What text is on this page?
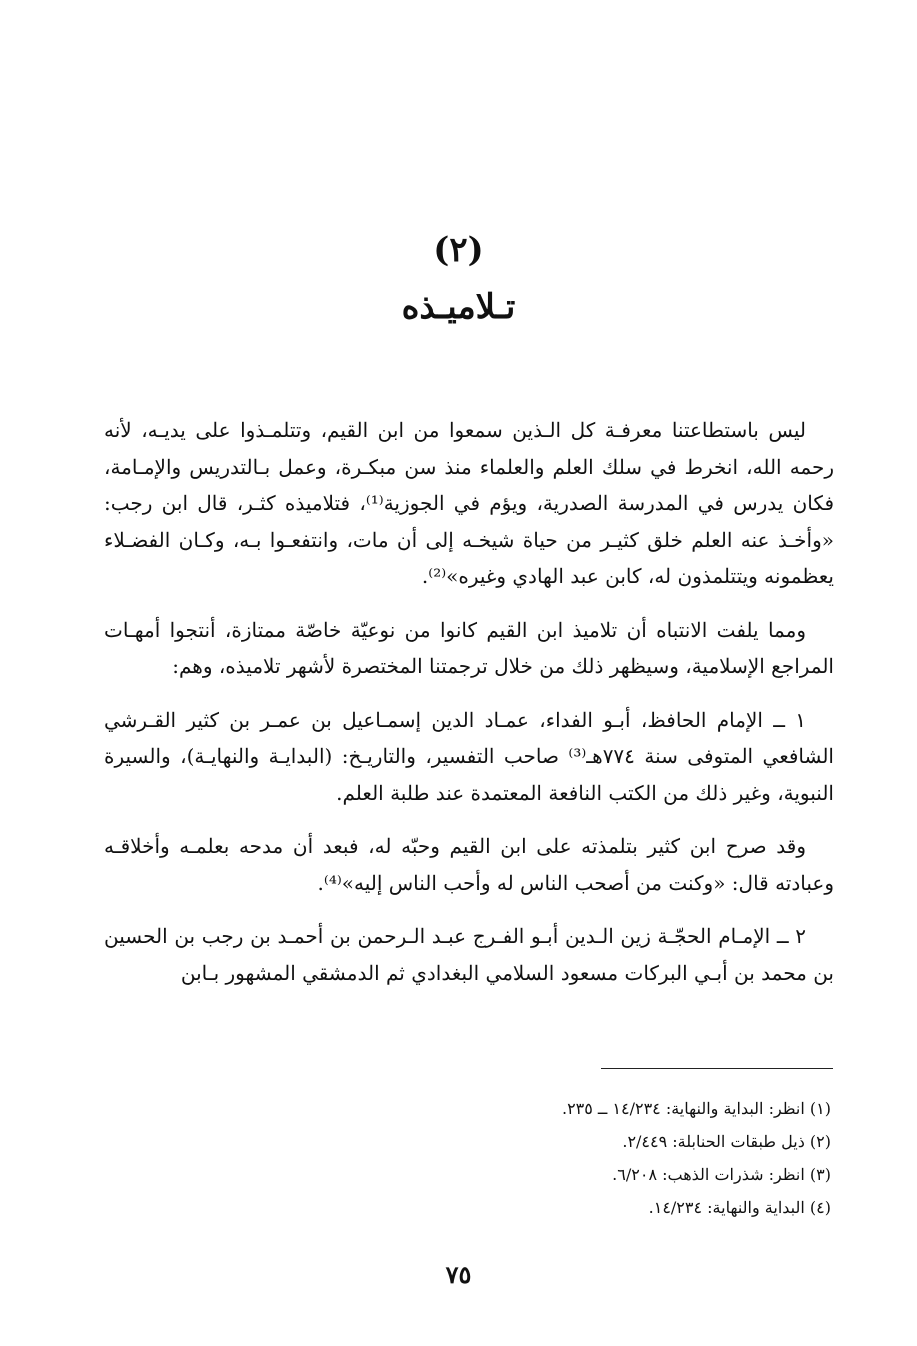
(٢)
تـلاميـذه

ليس باستطاعتنا معرفـة كل الـذين سمعوا من ابن القيم، وتتلمـذوا على يديـه، لأنه رحمه الله، انخرط في سلك العلم والعلماء منذ سن مبكـرة، وعمل بـالتدريس والإمـامة، فكان يدرس في المدرسة الصدرية، ويؤم في الجوزية⁽¹⁾، فتلاميذه كثـر، قال ابن رجب: «وأخـذ عنه العلم خلق كثيـر من حياة شيخـه إلى أن مات، وانتفعـوا بـه، وكـان الفضـلاء يعظمونه ويتتلمذون له، كابن عبد الهادي وغيره»⁽²⁾.

ومما يلفت الانتباه أن تلاميذ ابن القيم كانوا من نوعيّة خاصّة ممتازة، أنتجوا أمهـات المراجع الإسلامية، وسيظهر ذلك من خلال ترجمتنا المختصرة لأشهر تلاميذه، وهم:

١ ــ الإمام الحافظ، أبـو الفداء، عمـاد الدين إسمـاعيل بن عمـر بن كثير القـرشي الشافعي المتوفى سنة ٧٧٤هـ⁽³⁾ صاحب التفسير، والتاريـخ: (البدايـة والنهايـة)، والسيرة النبوية، وغير ذلك من الكتب النافعة المعتمدة عند طلبة العلم.

وقد صرح ابن كثير بتلمذته على ابن القيم وحبّه له، فبعد أن مدحه بعلمـه وأخلاقـه وعبادته قال: «وكنت من أصحب الناس له وأحب الناس إليه»⁽⁴⁾.

٢ ــ الإمـام الحجّـة زين الـدين أبـو الفـرج عبـد الـرحمن بن أحمـد بن رجب بن الحسين بن محمد بن أبـي البركات مسعود السلامي البغدادي ثم الدمشقي المشهور بـابن

(١) انظر: البداية والنهاية: ١٤/٢٣٤ ــ ٢٣٥.
(٢) ذيل طبقات الحنابلة: ٢/٤٤٩.
(٣) انظر: شذرات الذهب: ٦/٢٠٨.
(٤) البداية والنهاية: ١٤/٢٣٤.
٧٥
